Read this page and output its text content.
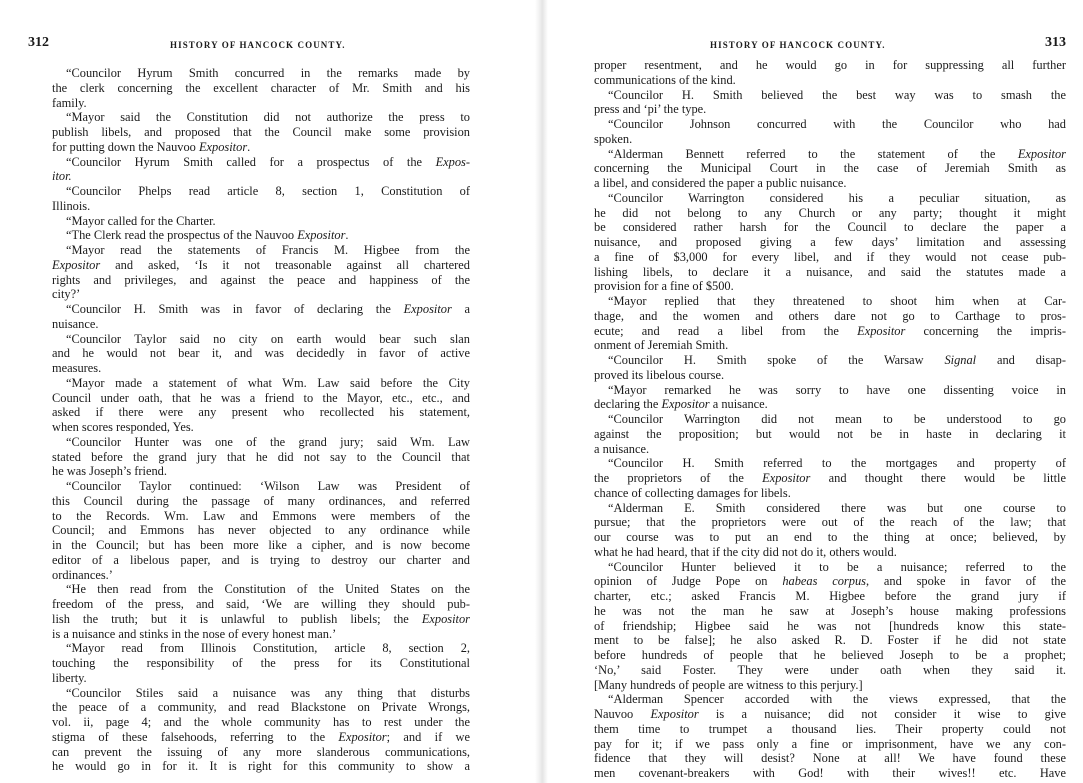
312	HISTORY OF HANCOCK COUNTY.
“Councilor Hyrum Smith concurred in the remarks made by
the clerk concerning the excellent character of Mr. Smith and his
family.
“Mayor said the Constitution did not authorize the press to
publish libels, and proposed that the Council make some provision
for putting down the Nauvoo Expositor.
“Councilor Hyrum Smith called for a prospectus of the Expos-
itor.
“Councilor Phelps read article 8, section 1, Constitution of
Illinois.
“Mayor called for the Charter.
“The Clerk read the prospectus of the Nauvoo Expositor.
“Mayor read the statements of Francis M. Higbee from the
Expositor and asked, ‘Is it not treasonable against all chartered
rights and privileges, and against the peace and happiness of the
city?’
“Councilor H. Smith was in favor of declaring the Expositor a
nuisance.
“Councilor Taylor said no city on earth would bear such slan
and he would not bear it, and was decidedly in favor of active
measures.
“Mayor made a statement of what Wm. Law said before the City
Council under oath, that he was a friend to the Mayor, etc., etc., and
asked if there were any present who recollected his statement,
when scores responded, Yes.
“Councilor Hunter was one of the grand jury; said Wm. Law
stated before the grand jury that he did not say to the Council that
he was Joseph’s friend.
“Councilor Taylor continued: ‘Wilson Law was President of
this Council during the passage of many ordinances, and referred
to the Records. Wm. Law and Emmons were members of the
Council; and Emmons has never objected to any ordinance while
in the Council; but has been more like a cipher, and is now become
editor of a libelous paper, and is trying to destroy our charter and
ordinances.’
“He then read from the Constitution of the United States on the
freedom of the press, and said, ‘We are willing they should pub-
lish the truth; but it is unlawful to publish libels; the Expositor
is a nuisance and stinks in the nose of every honest man.’
“Mayor read from Illinois Constitution, article 8, section 2,
touching the responsibility of the press for its Constitutional
liberty.
“Councilor Stiles said a nuisance was any thing that disturbs
the peace of a community, and read Blackstone on Private Wrongs,
vol. ii, page 4; and the whole community has to rest under the
stigma of these falsehoods, referring to the Expositor; and if we
can prevent the issuing of any more slanderous communications,
he would go in for it. It is right for this community to show a
HISTORY OF HANCOCK COUNTY.	313
proper resentment, and he would go in for suppressing all further
communications of the kind.
“Councilor H. Smith believed the best way was to smash the
press and ‘pi’ the type.
“Councilor Johnson concurred with the Councilor who had
spoken.
“Alderman Bennett referred to the statement of the Expositor
concerning the Municipal Court in the case of Jeremiah Smith as
a libel, and considered the paper a public nuisance.
“Councilor Warrington considered his a peculiar situation, as
he did not belong to any Church or any party; thought it might
be considered rather harsh for the Council to declare the paper a
nuisance, and proposed giving a few days’ limitation and assessing
a fine of $3,000 for every libel, and if they would not cease pub-
lishing libels, to declare it a nuisance, and said the statutes made a
provision for a fine of $500.
“Mayor replied that they threatened to shoot him when at Car-
thage, and the women and others dare not go to Carthage to pros-
ecute; and read a libel from the Expositor concerning the impris-
onment of Jeremiah Smith.
“Councilor H. Smith spoke of the Warsaw Signal and disap-
proved its libelous course.
“Mayor remarked he was sorry to have one dissenting voice in
declaring the Expositor a nuisance.
“Councilor Warrington did not mean to be understood to go
against the proposition; but would not be in haste in declaring it
a nuisance.
“Councilor H. Smith referred to the mortgages and property of
the proprietors of the Expositor and thought there would be little
chance of collecting damages for libels.
“Alderman E. Smith considered there was but one course to
pursue; that the proprietors were out of the reach of the law; that
our course was to put an end to the thing at once; believed, by
what he had heard, that if the city did not do it, others would.
“Councilor Hunter believed it to be a nuisance; referred to the
opinion of Judge Pope on habeas corpus, and spoke in favor of the
charter, etc.; asked Francis M. Higbee before the grand jury if
he was not the man he saw at Joseph’s house making professions
of friendship; Higbee said he was not [hundreds know this state-
ment to be false]; he also asked R. D. Foster if he did not state
before hundreds of people that he believed Joseph to be a prophet;
‘No,’ said Foster. They were under oath when they said it.
[Many hundreds of people are witness to this perjury.]
“Alderman Spencer accorded with the views expressed, that the
Nauvoo Expositor is a nuisance; did not consider it wise to give
them time to trumpet a thousand lies. Their property could not
pay for it; if we pass only a fine or imprisonment, have we any con-
fidence that they will desist? None at all! We have found these
men covenant-breakers with God! with their wives!! etc. Have
